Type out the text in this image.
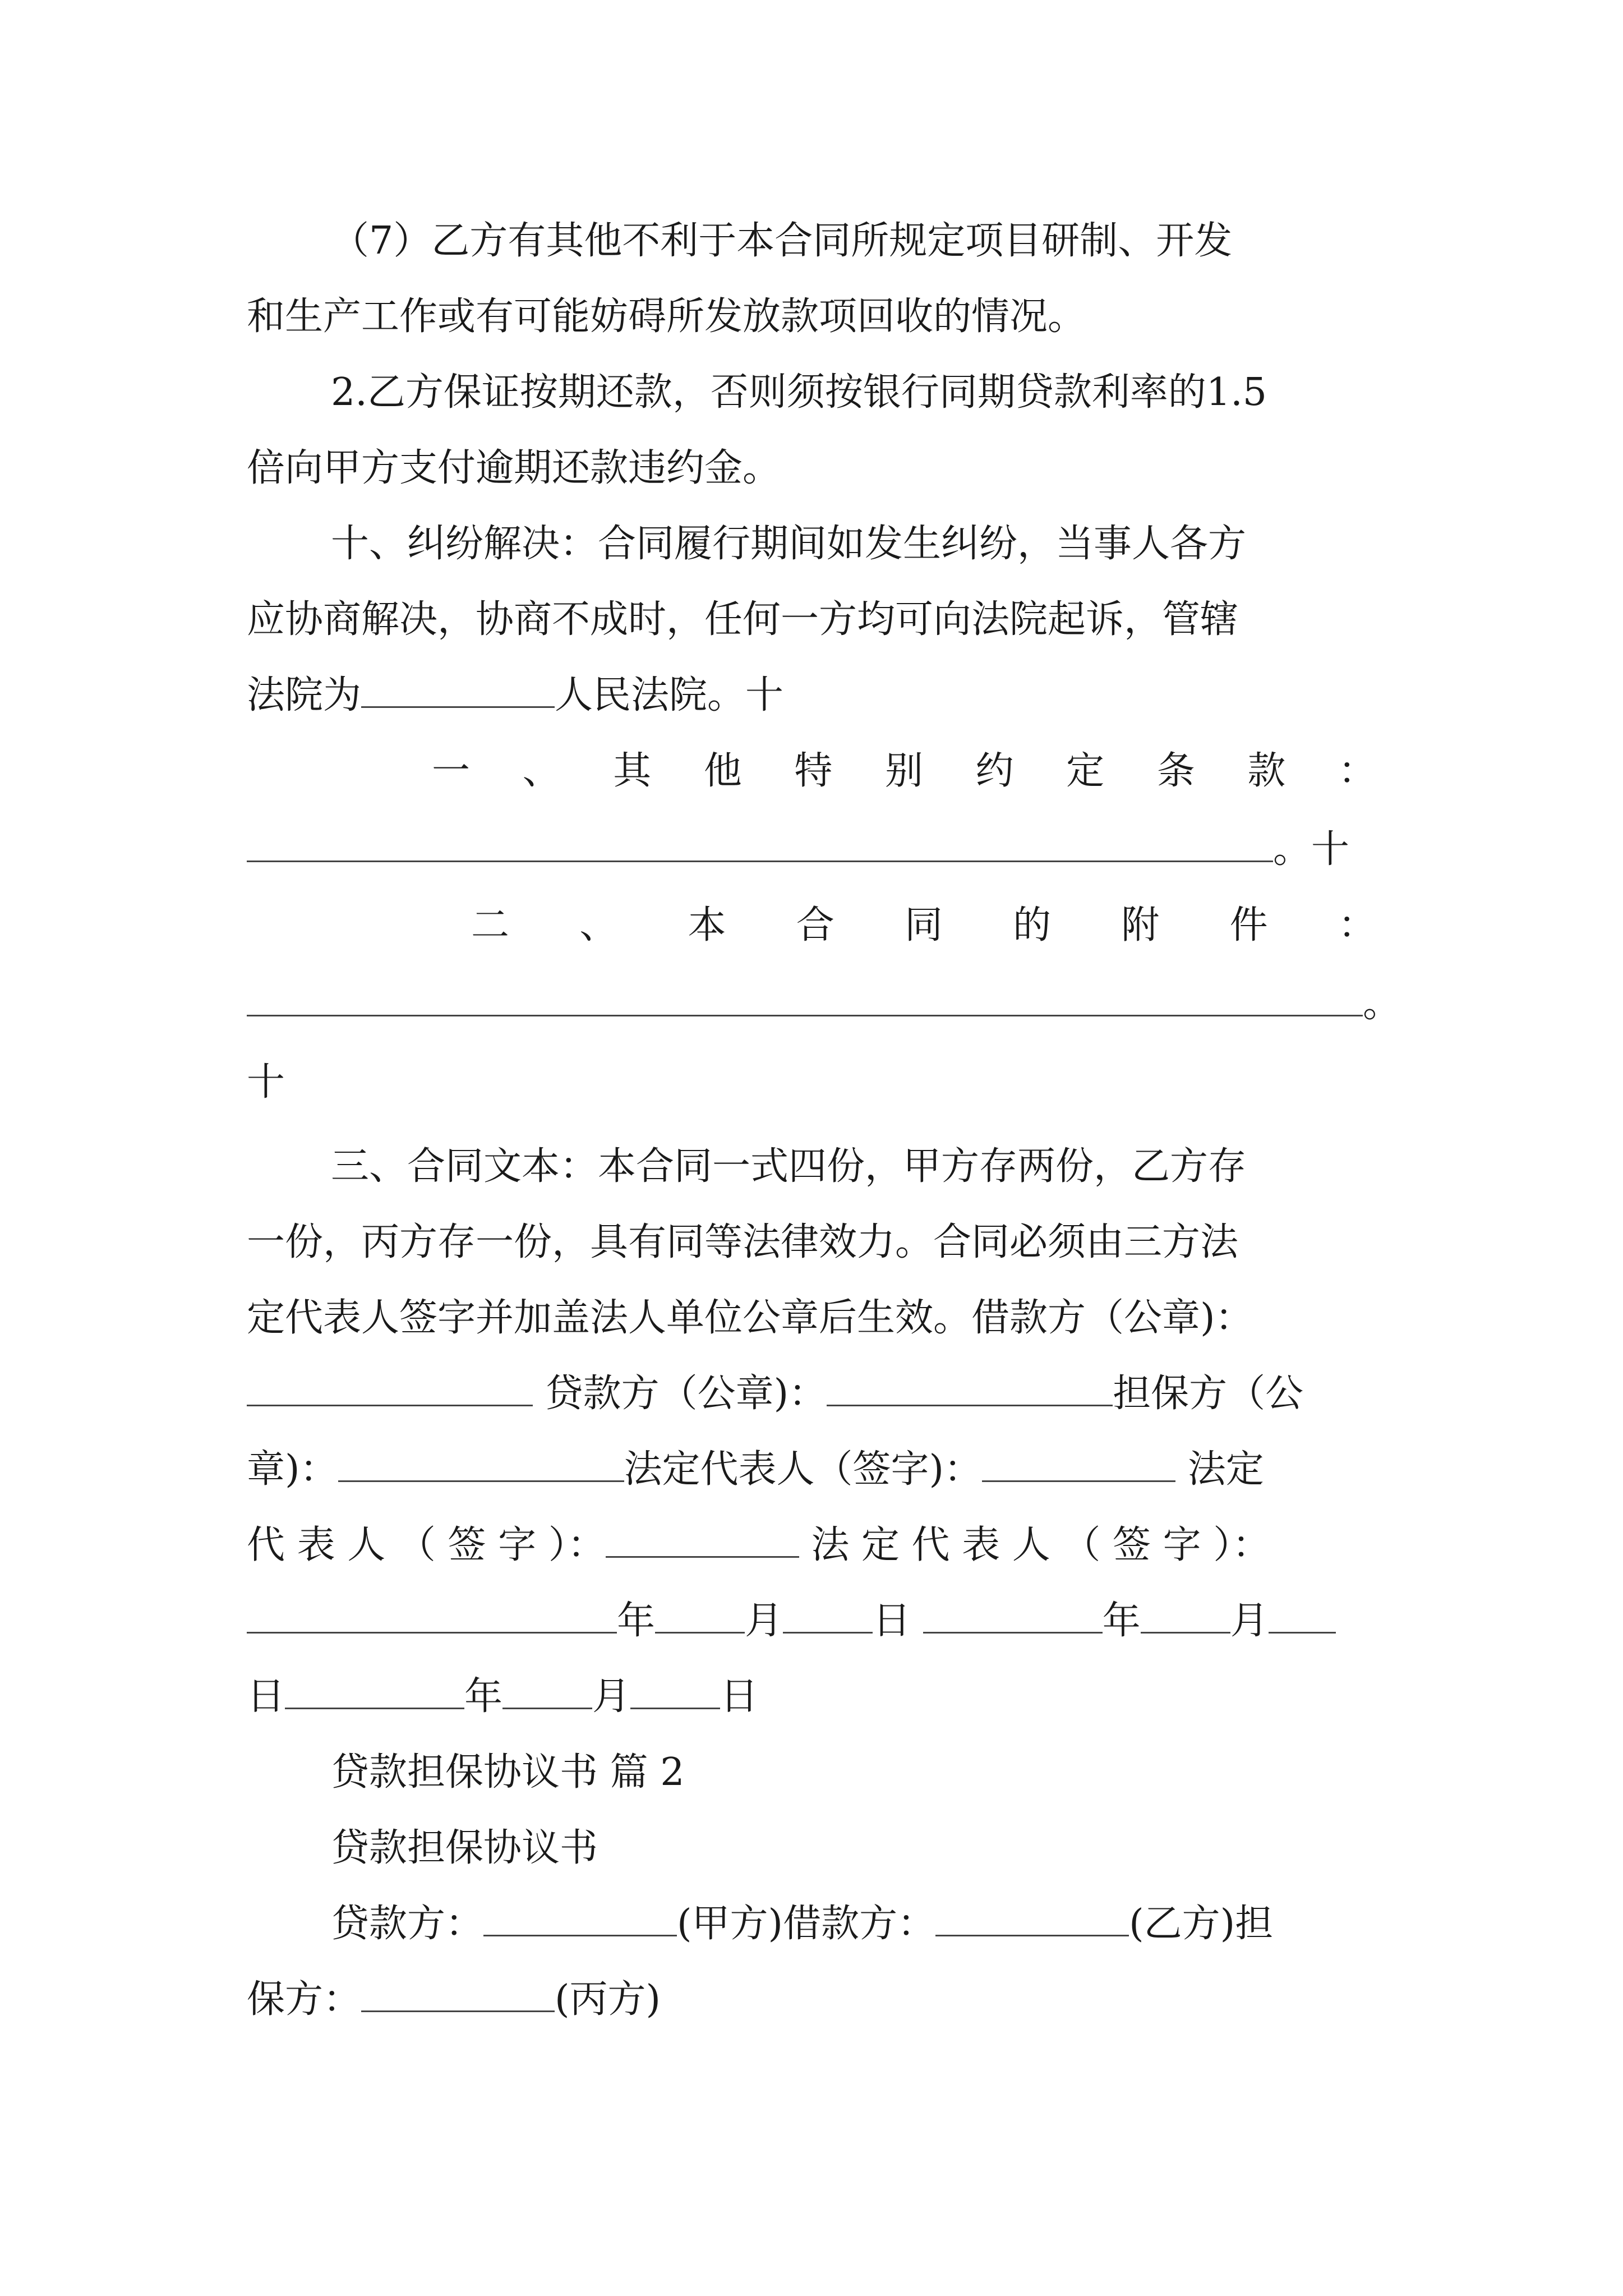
（7）乙方有其他不利于本合同所规定项目研制、开发
和生产工作或有可能妨碍所发放款项回收的情况。
2.乙方保证按期还款，否则须按银行同期贷款利率的1.5
倍向甲方支付逾期还款违约金。
十、纠纷解决：合同履行期间如发生纠纷，当事人各方
应协商解决，协商不成时，任何一方均可向法院起诉，管辖
法院为	人民法院。十
一 、 其 他 特 别 约 定 条 款 ：
。十
二 、 本 合 同 的 附 件 ：
。
十
三、合同文本：本合同一式四份，甲方存两份，乙方存
一份，丙方存一份，具有同等法律效力。合同必须由三方法
定代表人签字并加盖法人单位公章后生效。借款方（公章)：
贷款方（公章)：	担保方（公
章)：	法定代表人（签字)：	法定
代 表 人 （ 签 字 ）：	法 定 代 表 人 （ 签 字 ）：
年 月 日	年 月
日	年 月 日
贷款担保协议书 篇 2
贷款担保协议书
贷款方：	(甲方)借款方：	(乙方)担
保方：	(丙方)
